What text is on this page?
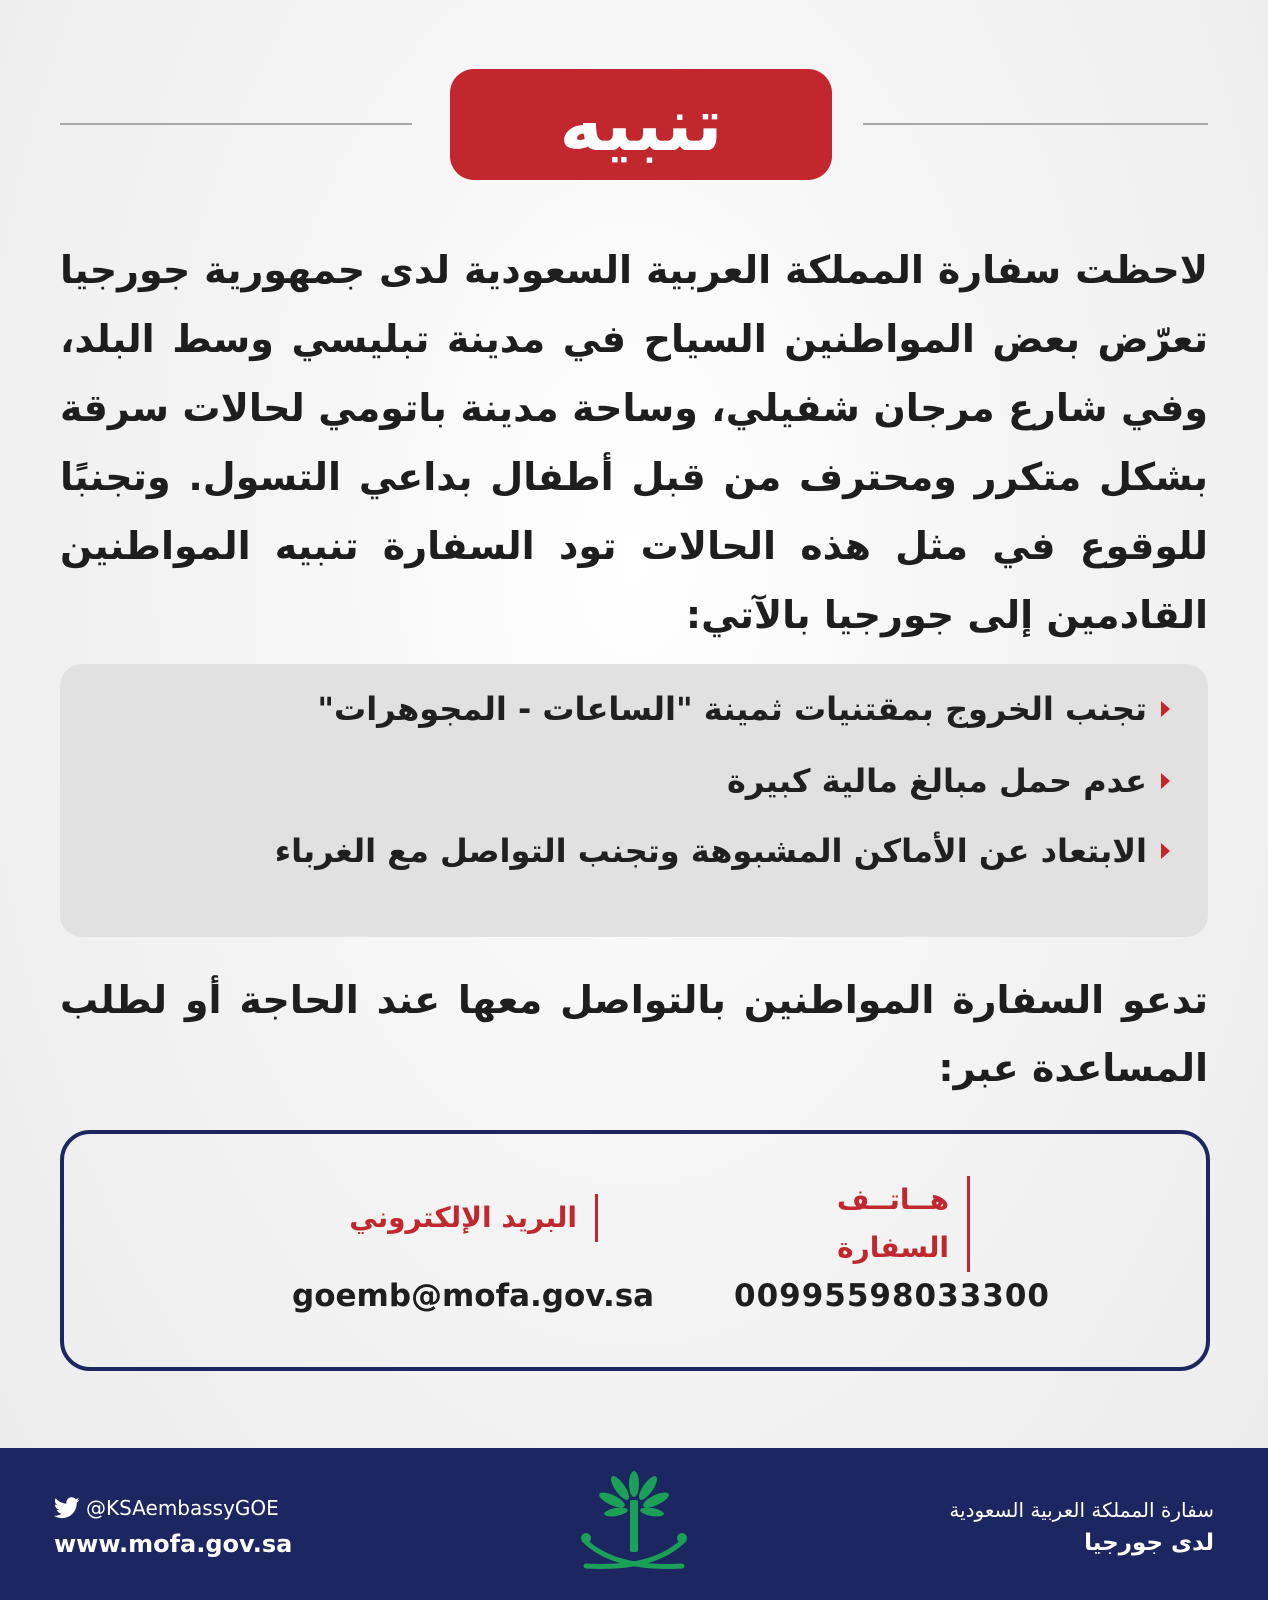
تنبيه

لاحظت سفارة المملكة العربية السعودية لدى جمهورية جورجيا تعرّض بعض المواطنين السياح في مدينة تبليسي وسط البلد، وفي شارع مرجان شفيلي، وساحة مدينة باتومي لحالات سرقة بشكل متكرر ومحترف من قبل أطفال بداعي التسول. وتجنبًا للوقوع في مثل هذه الحالات تود السفارة تنبيه المواطنين القادمين إلى جورجيا بالآتي:

تجنب الخروج بمقتنيات ثمينة "الساعات - المجوهرات"
عدم حمل مبالغ مالية كبيرة
الابتعاد عن الأماكن المشبوهة وتجنب التواصل مع الغرباء

تدعو السفارة المواطنين بالتواصل معها عند الحاجة أو لطلب المساعدة عبر:

هــاتــف
السفارة
البريد الإلكتروني
00995598033300
goemb@mofa.gov.sa
@KSAembassyGOE
www.mofa.gov.sa
سفارة المملكة العربية السعودية
لدى جورجيا
